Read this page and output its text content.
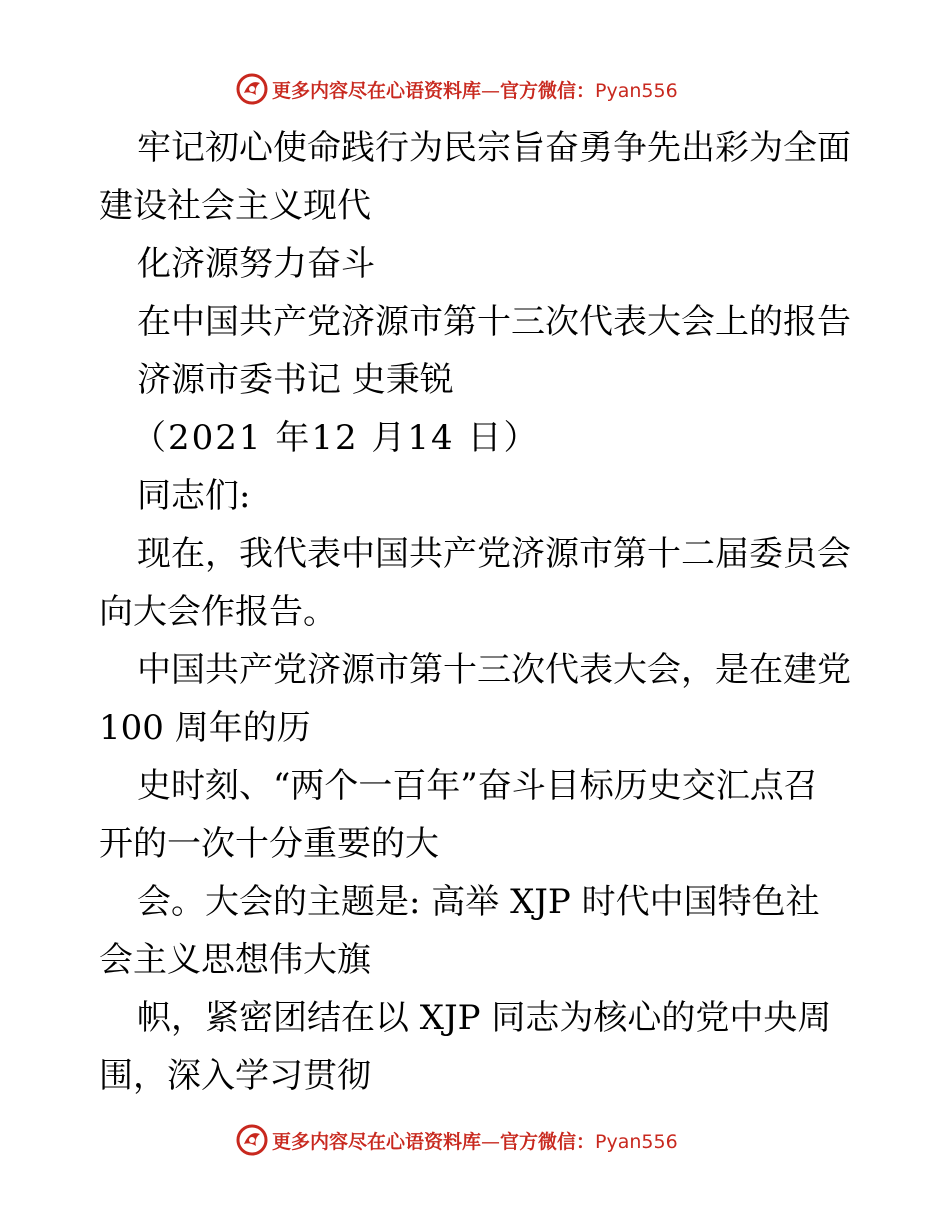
更多内容尽在心语资料库—官方微信：Pyan556
牢记初心使命践行为民宗旨奋勇争先出彩为全面
建设社会主义现代
化济源努力奋斗
在中国共产党济源市第十三次代表大会上的报告
济源市委书记 史秉锐
（2021 年12 月14 日）
同志们:
现在，我代表中国共产党济源市第十二届委员会
向大会作报告。
中国共产党济源市第十三次代表大会，是在建党
100 周年的历
史时刻、“两个一百年”奋斗目标历史交汇点召
开的一次十分重要的大
会。大会的主题是: 高举 XJP 时代中国特色社
会主义思想伟大旗
帜，紧密团结在以 XJP 同志为核心的党中央周
围，深入学习贯彻
更多内容尽在心语资料库—官方微信：Pyan556
